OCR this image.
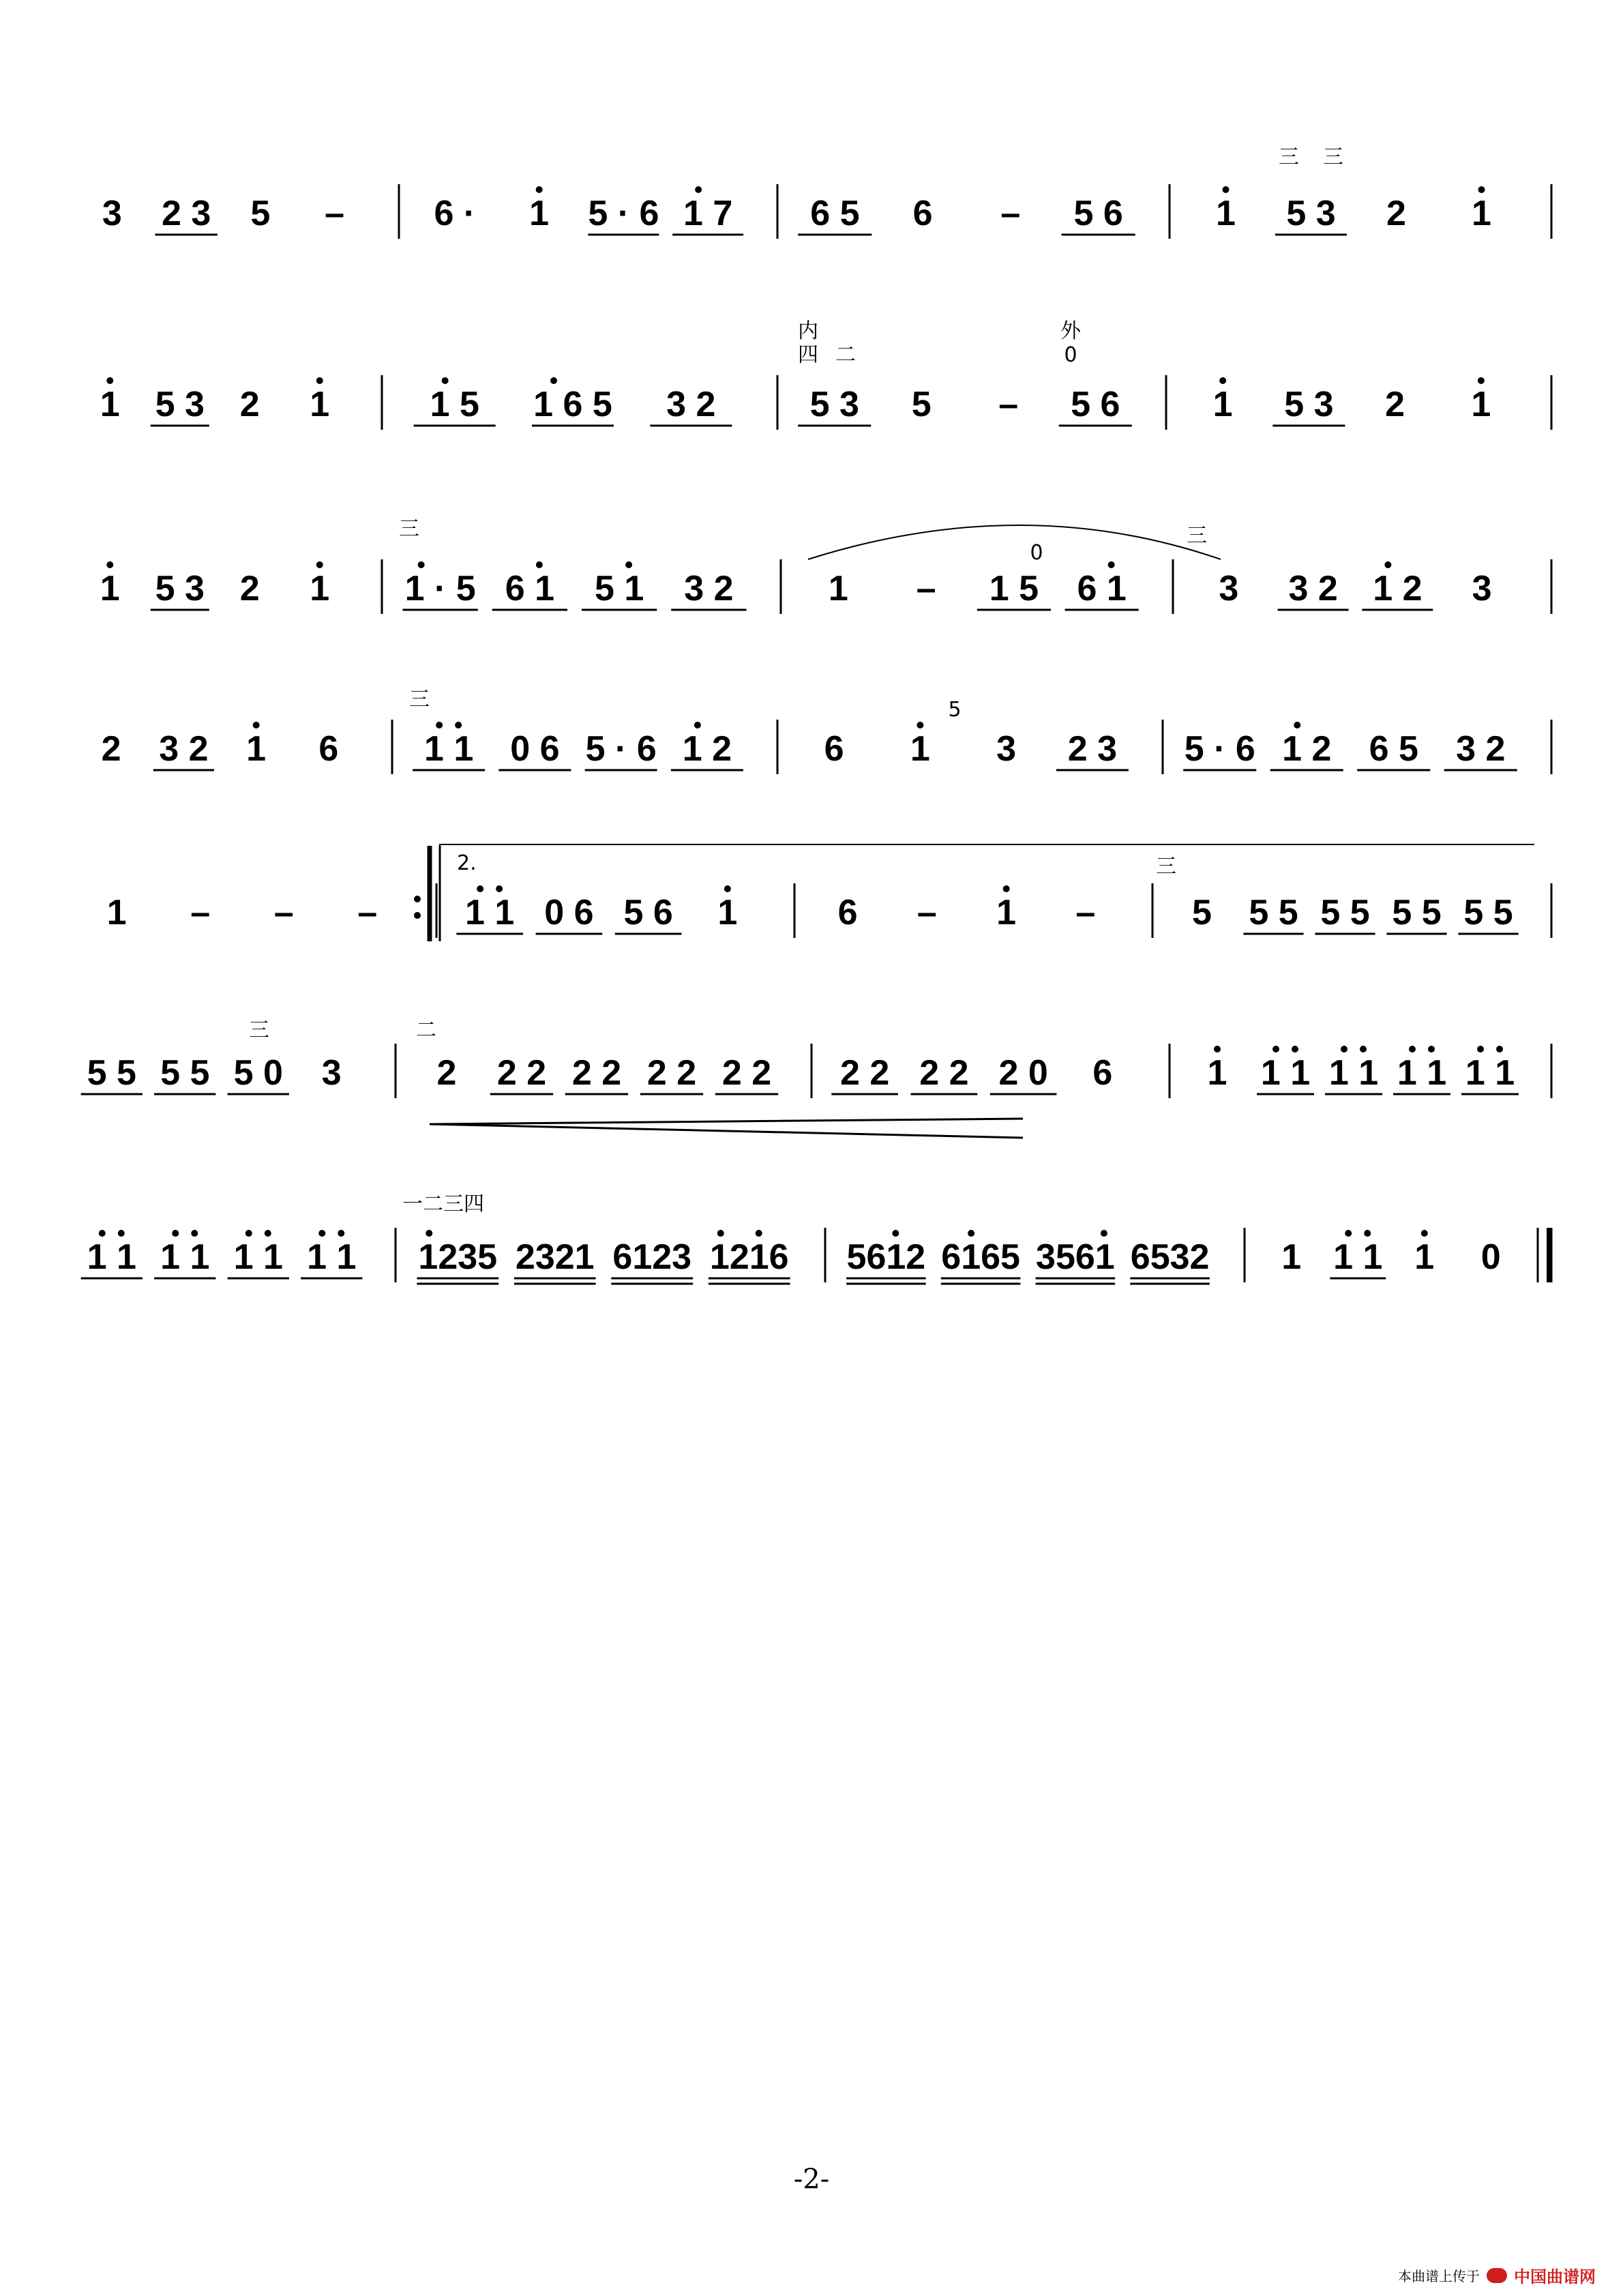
3 2 3 5 –	6 · 1 5 · 6 1 7 6 5 6 – 5 6	1 5 3 2 1
1 5 3 2 1	1 5 1 6 5 3 2	5 3 5 – 5 6	1 5 3 2 1
1 5 3 2 1 1 · 5 6 1 5 1 3 2	1 – 1 5 6 1	3 3 2 1 2 3
2 3 2 1 6 1 1 0 6 5 · 6 1 2	6 1 3 2 3 5 · 6 1 2 6 5 3 2
1 – – – 1 1 0 6 5 6 1	6 – 1 –	5 5 5 5 5 5 5 5 5
5 5 5 5 5 0 3	2 2 2 2 2 2 2 2 2 2 2 2 2 2 0 6	1 1 1 1 1 1 1 1 1
1 1 1 1 1 1 1 1 1235 2321 6123 1216 5612 6165 3561 6532 1 1 1 1 0
2.
内	外
四 二	0
三 三
三
0
三
三	5
三
三	二
一二三四
-2-
本曲谱上传于 中国曲谱网
